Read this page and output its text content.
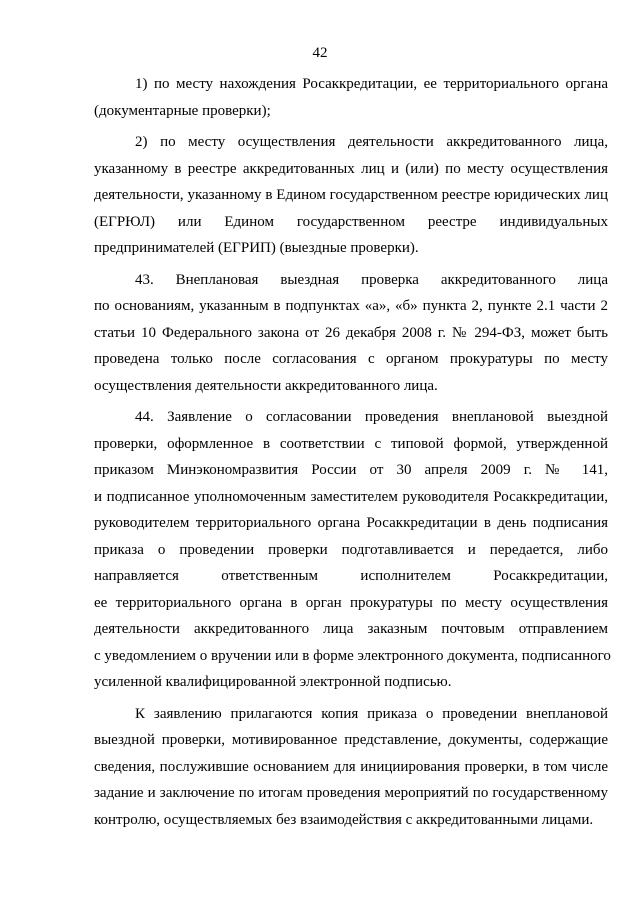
42

1) по месту нахождения Росаккредитации, ее территориального органа
(документарные проверки);

2) по месту осуществления деятельности аккредитованного лица,
указанному в реестре аккредитованных лиц и (или) по месту осуществления
деятельности, указанному в Едином государственном реестре юридических лиц
(ЕГРЮЛ) или Едином государственном реестре индивидуальных
предпринимателей (ЕГРИП) (выездные проверки).

43. Внеплановая выездная проверка аккредитованного лица
по основаниям, указанным в подпунктах «а», «б» пункта 2, пункте 2.1 части 2
статьи 10 Федерального закона от 26 декабря 2008 г. № 294-ФЗ, может быть
проведена только после согласования с органом прокуратуры по месту
осуществления деятельности аккредитованного лица.

44. Заявление о согласовании проведения внеплановой выездной
проверки, оформленное в соответствии с типовой формой, утвержденной
приказом Минэкономразвития России от 30 апреля 2009 г. № 141,
и подписанное уполномоченным заместителем руководителя Росаккредитации,
руководителем территориального органа Росаккредитации в день подписания
приказа о проведении проверки подготавливается и передается, либо
направляется ответственным исполнителем Росаккредитации,
ее территориального органа в орган прокуратуры по месту осуществления
деятельности аккредитованного лица заказным почтовым отправлением
с уведомлением о вручении или в форме электронного документа, подписанного
усиленной квалифицированной электронной подписью.

К заявлению прилагаются копия приказа о проведении внеплановой
выездной проверки, мотивированное представление, документы, содержащие
сведения, послужившие основанием для инициирования проверки, в том числе
задание и заключение по итогам проведения мероприятий по государственному
контролю, осуществляемых без взаимодействия с аккредитованными лицами.
